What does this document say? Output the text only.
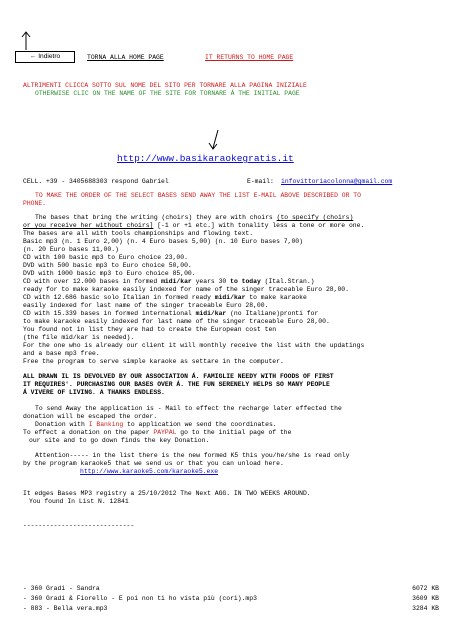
← Indietro	TORNA ALLA HOME PAGE	IT RETURNS TO HOME PAGE
ALTRIMENTI CLICCA SOTTO SUL NOME DEL SITO PER TORNARE ALLA PAGINA INIZIALE
OTHERWISE CLIC ON THE NAME OF THE SITE FOR TORNARE Á THE INITIAL PAGE
http://www.basikaraokegratis.it
CELL. +39 - 3405688303 respond Gabriel	E-mail: infovittoriacolonna@gmail.com
TO MAKE THE ORDER OF THE SELECT BASES SEND AWAY THE LIST E-MAIL ABOVE DESCRIBED OR TO
PHONE.
The bases that bring the writing (choirs) they are with choirs (to specify (choirs)
or you receive her without choirs] [-1 or +1 etc.] with tonality less a tone or more one.
The bases are all with tools championships and flowing text.
Basic mp3 (n. 1 Euro 2,00) (n. 4 Euro bases 5,00) (n. 10 Euro bases 7,00)
(n. 20 Euro bases 11,00.)
CD with 100 basic mp3 to Euro choice 23,00.
DVD with 500 basic mp3 to Euro choice 50,00.
DVD with 1000 basic mp3 to Euro choice 85,00.
CD with over 12.000 bases in formed midi/kar years 30 to today (Ital.Stran.)
ready for to make karaoke easily indexed for name of the singer traceable Euro 28,00.
CD with 12.686 basic solo Italian in formed ready midi/kar to make karaoke
easily indexed for last name of the singer traceable Euro 28,00.
CD with 15.339 bases in formed international midi/kar (no Italiane)pronti for
to make karaoke easily indexed for last name of the singer traceable Euro 28,00.
You found not in list they are had to create the European cost ten
(the file mid/kar is needed).
For the one who is already our client it will monthly receive the list with the updatings
and a base mp3 free.
Free the program to serve simple karaoke as settare in the computer.
ALL DRAWN IL IS DEVOLVED BY OUR ASSOCIATION Á. FAMIGLIE NEEDY WITH FOODS OF FIRST
IT REQUIRES'. PURCHASING OUR BASES OVER Á. THE FUN SERENELY HELPS SO MANY PEOPLE
Á VIVERE OF LIVING. A THANKS ENDLESS.
To send Away the application is - Mail to effect the recharge later effected the
donation will be escaped the order.
Donation with I Banking to application we send the coordinates.
To effect a donation on the paper PAYPAL go to the initial page of the
our site and to go down finds the key Donation.
Attention----- in the list there is the new formed K5 this you/he/she is read only
by the program karaoke5 that we send us or that you can unload here.
http://www.karaoke5.com/karaoke5.exe
It edges Bases MP3 registry a 25/10/2012 The Next AGG. IN TWO WEEKS AROUND.
You found In List N. 12841
-----------------------------
- 360 Gradi - Sandra	6072 KB
- 360 Gradi & Fiorello - E poi non ti ho vista più (cori).mp3	3609 KB
- 883 - Bella vera.mp3	3284 KB
